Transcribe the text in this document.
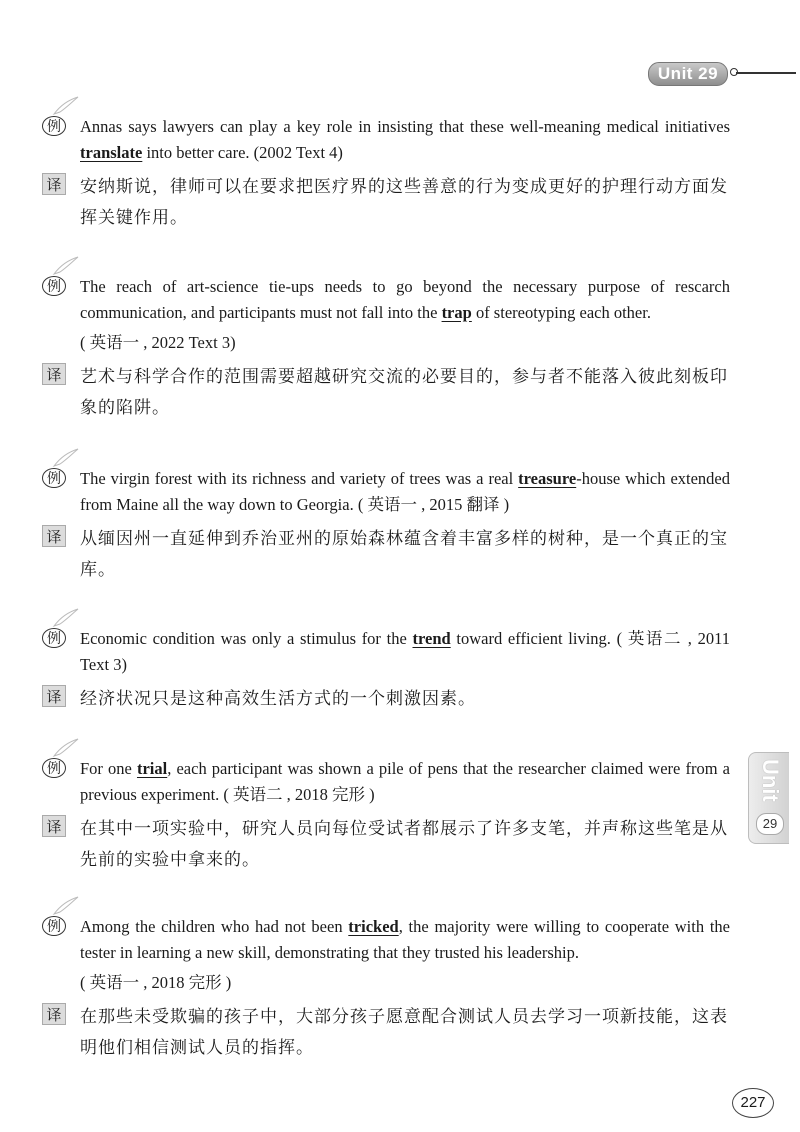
Unit 29
Unit
29
例	Annas says lawyers can play a key role in insisting that these well-meaning medical initiatives translate into better care. (2002 Text 4)
译 安纳斯说，律师可以在要求把医疗界的这些善意的行为变成更好的护理行动方面发挥关键作用。
例	The reach of art-science tie-ups needs to go beyond the necessary purpose of rescarch communication, and participants must not fall into the trap of stereotyping each other.
( 英语一 , 2022 Text 3)
译 艺术与科学合作的范围需要超越研究交流的必要目的，参与者不能落入彼此刻板印象的陷阱。
例	The virgin forest with its richness and variety of trees was a real treasure-house which extended from Maine all the way down to Georgia. ( 英语一 , 2015 翻译 )
译 从缅因州一直延伸到乔治亚州的原始森林蕴含着丰富多样的树种，是一个真正的宝库。
例	Economic condition was only a stimulus for the trend toward efficient living. ( 英语二 , 2011 Text 3)
译 经济状况只是这种高效生活方式的一个刺激因素。
例	For one trial, each participant was shown a pile of pens that the researcher claimed were from a previous experiment. ( 英语二 , 2018 完形 )
译 在其中一项实验中，研究人员向每位受试者都展示了许多支笔，并声称这些笔是从先前的实验中拿来的。
例	Among the children who had not been tricked, the majority were willing to cooperate with the tester in learning a new skill, demonstrating that they trusted his leadership.
( 英语一 , 2018 完形 )
译 在那些未受欺骗的孩子中，大部分孩子愿意配合测试人员去学习一项新技能，这表明他们相信测试人员的指挥。
227
